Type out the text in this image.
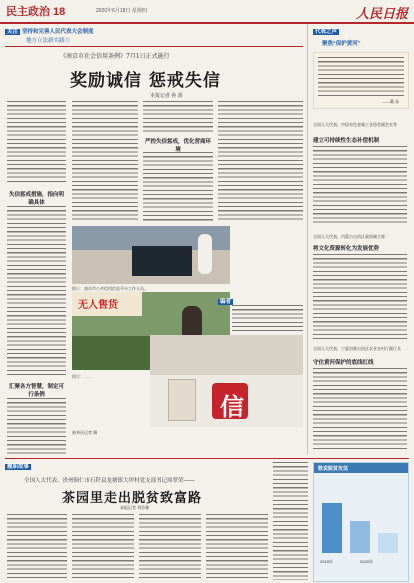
民主政治 18	2020年6月18日 星期四	人民日报
关注 坚持和完善人民代表大会制度
地方立法新实践⑤
《南京市社会信用条例》7月1日正式施行
奖励诚信 惩戒失信
本报记者 孙 源
失信惩戒措施，指向明确具体
汇聚各方智慧，制定可行条例
严控失信惩戒，优化营商环境
图①：南京市公共信用信息平台工作人员。
无人售货
信
图②：……
新华社记者 摄
代表之声
聚焦“保护黄河”
——戴 孙
全国人大代表、中国有色金属工业协会副会长等
建立可持续性生态补偿机制
全国人大代表、内蒙古自治区政协副主席
将文化资源转化为发展优势
全国人大代表、宁夏回族自治区农业农村厅副厅长
守住黄河保护的底线红线
编者
履职故事
全国人大代表、贵州铜仁市石阡县龙塘镇大坪村党支部书记周翠荣——
茶园里走出脱贫致富路
本报记者 刘苏雅
数说脱贫攻坚
2019年	2020年
